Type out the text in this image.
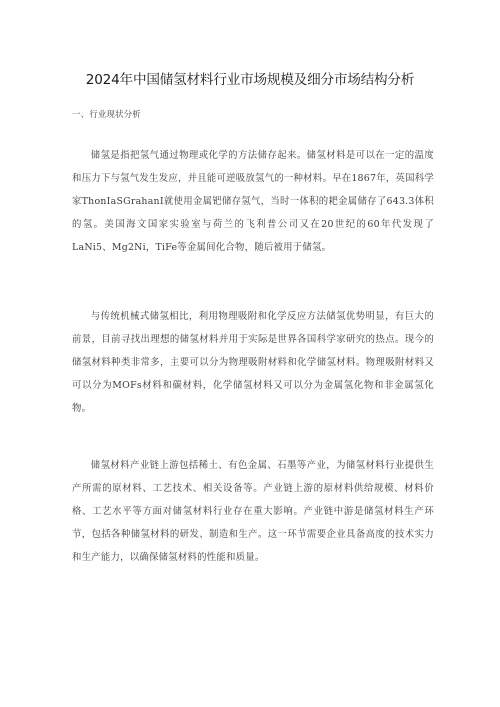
2024年中国储氢材料行业市场规模及细分市场结构分析
一、行业现状分析

储氢是指把氢气通过物理或化学的方法储存起来。储氢材料是可以在一定的温度和压力下与氢气发生发应，并且能可逆吸放氢气的一种材料。早在1867年，英国科学家ThonIaSGrahanI就使用金属钯储存氢气，当时一体积的耙金属储存了643.3体积的氢。美国海文国家实验室与荷兰的飞利普公司又在20世纪的60年代发现了LaNi5、Mg2Ni，TiFe等金属间化合物，随后被用于储氢。

与传统机械式储氢相比，利用物理吸附和化学反应方法储氢优势明显，有巨大的前景，目前寻找出理想的储氢材料并用于实际是世界各国科学家研究的热点。现今的储氢材料种类非常多，主要可以分为物理吸附材料和化学储氢材料。物理吸附材料又可以分为MOFs材料和碳材料，化学储氢材料又可以分为金属氢化物和非金属氢化物。

储氢材料产业链上游包括稀土、有色金属、石墨等产业，为储氢材料行业提供生产所需的原材料、工艺技术、相关设备等。产业链上游的原材料供给规模、材料价格、工艺水平等方面对储氢材料行业存在重大影响。产业链中游是储氢材料生产环节，包括各种储氢材料的研发、制造和生产。这一环节需要企业具备高度的技术实力和生产能力，以确保储氢材料的性能和质量。
